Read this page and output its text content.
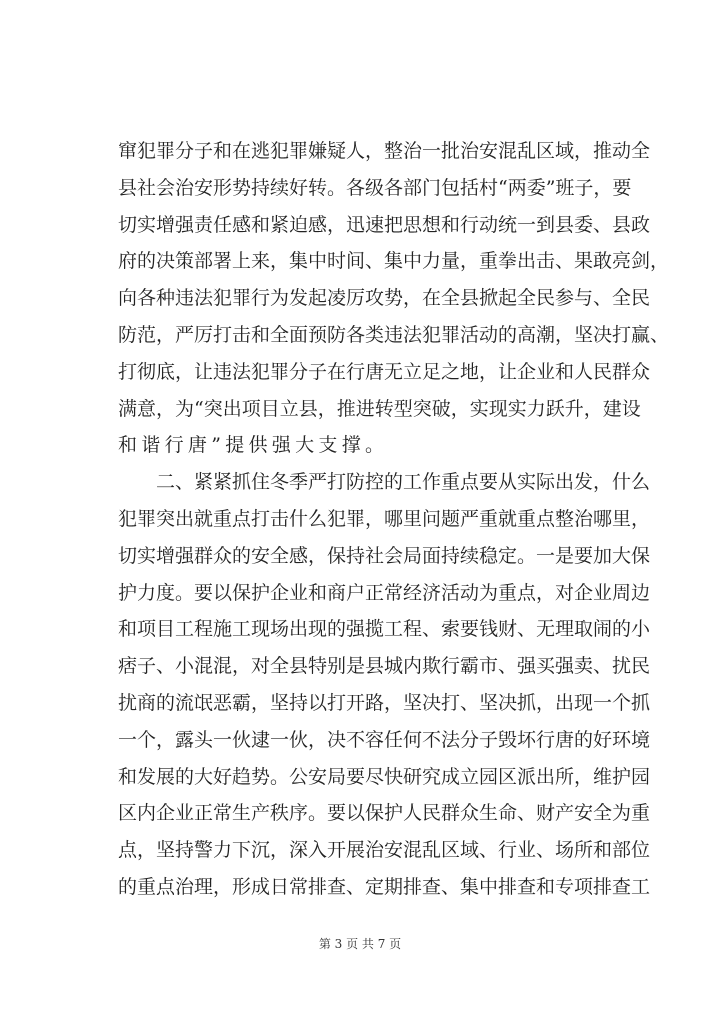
窜犯罪分子和在逃犯罪嫌疑人，整治一批治安混乱区域，推动全
县社会治安形势持续好转。各级各部门包括村“两委”班子，要
切实增强责任感和紧迫感，迅速把思想和行动统一到县委、县政
府的决策部署上来，集中时间、集中力量，重拳出击、果敢亮剑，
向各种违法犯罪行为发起凌厉攻势，在全县掀起全民参与、全民
防范，严厉打击和全面预防各类违法犯罪活动的高潮，坚决打赢、
打彻底，让违法犯罪分子在行唐无立足之地，让企业和人民群众
满意，为“突出项目立县，推进转型突破，实现实力跃升，建设
和谐行唐”提供强大支撑。
　　二、紧紧抓住冬季严打防控的工作重点要从实际出发，什么
犯罪突出就重点打击什么犯罪，哪里问题严重就重点整治哪里，
切实增强群众的安全感，保持社会局面持续稳定。一是要加大保
护力度。要以保护企业和商户正常经济活动为重点，对企业周边
和项目工程施工现场出现的强揽工程、索要钱财、无理取闹的小
痞子、小混混，对全县特别是县城内欺行霸市、强买强卖、扰民
扰商的流氓恶霸，坚持以打开路，坚决打、坚决抓，出现一个抓
一个，露头一伙逮一伙，决不容任何不法分子毁坏行唐的好环境
和发展的大好趋势。公安局要尽快研究成立园区派出所，维护园
区内企业正常生产秩序。要以保护人民群众生命、财产安全为重
点，坚持警力下沉，深入开展治安混乱区域、行业、场所和部位
的重点治理，形成日常排查、定期排查、集中排查和专项排查工
第 3 页 共 7 页
